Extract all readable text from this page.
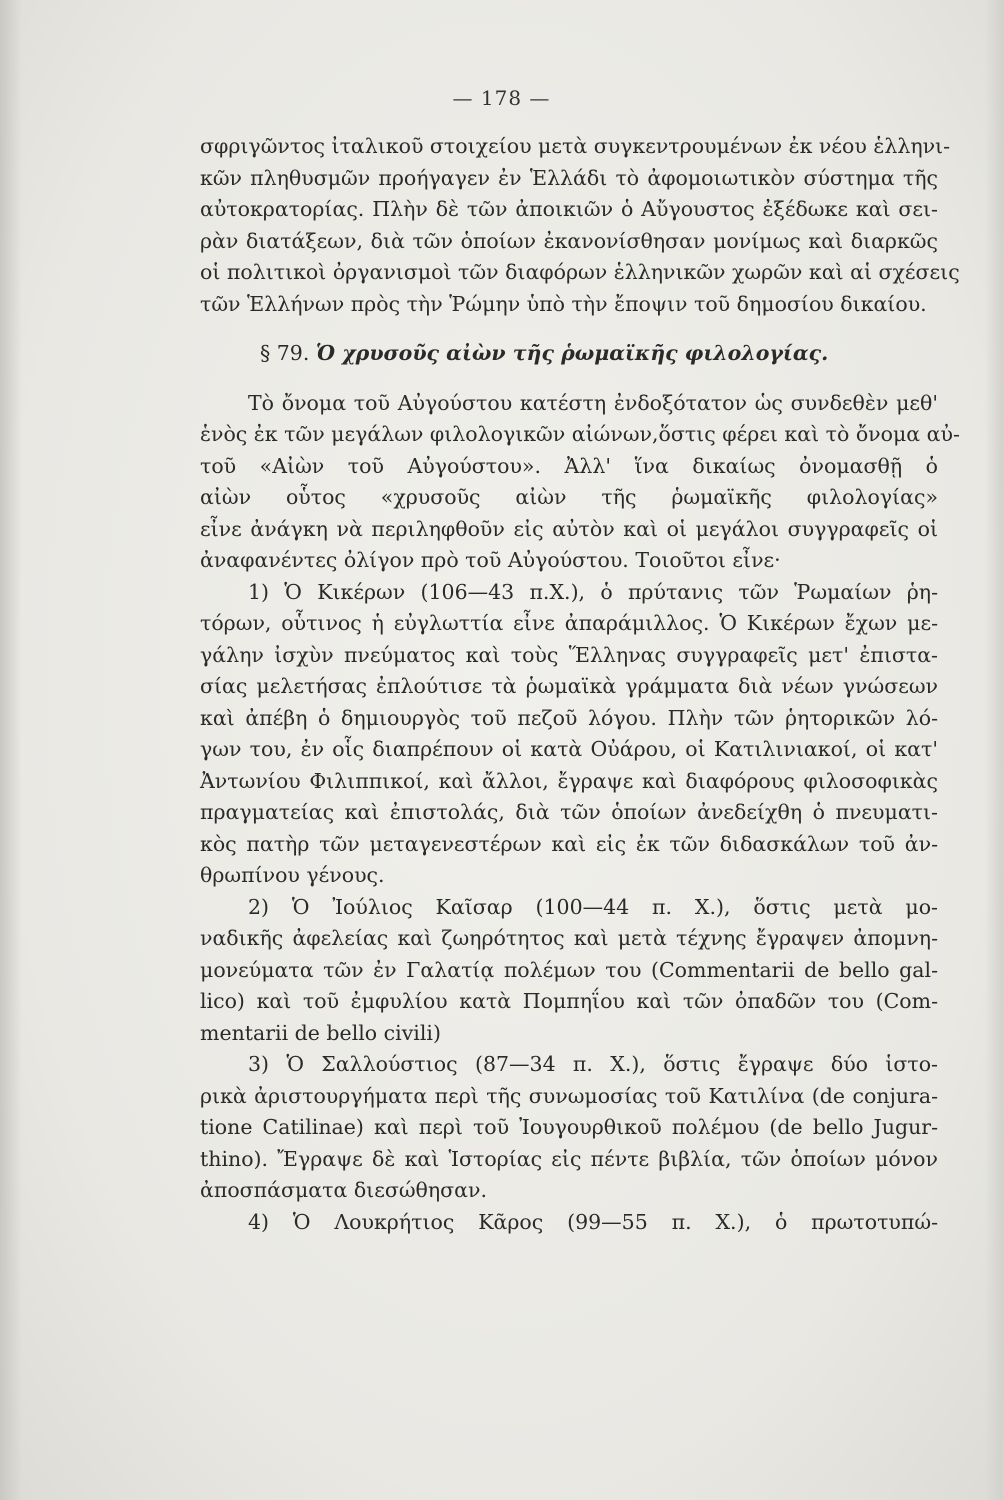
— 178 —
σφριγῶντος ἰταλικοῦ στοιχείου μετὰ συγκεντρουμένων ἐκ νέου ἑλληνι-
κῶν πληθυσμῶν προήγαγεν ἐν Ἑλλάδι τὸ ἀφομοιωτικὸν σύστημα τῆς
αὐτοκρατορίας. Πλὴν δὲ τῶν ἀποικιῶν ὁ Αὔγουστος ἐξέδωκε καὶ σει-
ρὰν διατάξεων, διὰ τῶν ὁποίων ἐκανονίσθησαν μονίμως καὶ διαρκῶς
οἱ πολιτικοὶ ὀργανισμοὶ τῶν διαφόρων ἑλληνικῶν χωρῶν καὶ αἱ σχέσεις
τῶν Ἑλλήνων πρὸς τὴν Ῥώμην ὑπὸ τὴν ἔποψιν τοῦ δημοσίου δικαίου.
§ 79. Ὁ χρυσοῦς αἰὼν τῆς ῥωμαϊκῆς φιλολογίας.
Τὸ ὄνομα τοῦ Αὐγούστου κατέστη ἐνδοξότατον ὡς συνδεθὲν μεθ'
ἑνὸς ἐκ τῶν μεγάλων φιλολογικῶν αἰώνων,ὅστις φέρει καὶ τὸ ὄνομα αὐ-
τοῦ «Αἰὼν τοῦ Αὐγούστου». Ἀλλ' ἵνα δικαίως ὀνομασθῇ ὁ
αἰὼν οὗτος «χρυσοῦς αἰὼν τῆς ῥωμαϊκῆς φιλολογίας»
εἶνε ἀνάγκη νὰ περιληφθοῦν εἰς αὐτὸν καὶ οἱ μεγάλοι συγγραφεῖς οἱ
ἀναφανέντες ὀλίγον πρὸ τοῦ Αὐγούστου. Τοιοῦτοι εἶνε·
1) Ὁ Κικέρων (106—43 π.Χ.), ὁ πρύτανις τῶν Ῥωμαίων ῥη-
τόρων, οὗτινος ἡ εὐγλωττία εἶνε ἀπαράμιλλος. Ὁ Κικέρων ἔχων με-
γάλην ἰσχὺν πνεύματος καὶ τοὺς Ἕλληνας συγγραφεῖς μετ' ἐπιστα-
σίας μελετήσας ἐπλούτισε τὰ ῥωμαϊκὰ γράμματα διὰ νέων γνώσεων
καὶ ἀπέβη ὁ δημιουργὸς τοῦ πεζοῦ λόγου. Πλὴν τῶν ῥητορικῶν λό-
γων του, ἐν οἷς διαπρέπουν οἱ κατὰ Οὐάρου, οἱ Κατιλινιακοί, οἱ κατ'
Ἀντωνίου Φιλιππικοί, καὶ ἄλλοι, ἔγραψε καὶ διαφόρους φιλοσοφικὰς
πραγματείας καὶ ἐπιστολάς, διὰ τῶν ὁποίων ἀνεδείχθη ὁ πνευματι-
κὸς πατὴρ τῶν μεταγενεστέρων καὶ εἰς ἐκ τῶν διδασκάλων τοῦ ἀν-
θρωπίνου γένους.
2) Ὁ Ἰούλιος Καῖσαρ (100—44 π. Χ.), ὅστις μετὰ μο-
ναδικῆς ἀφελείας καὶ ζωηρότητος καὶ μετὰ τέχνης ἔγραψεν ἀπομνη-
μονεύματα τῶν ἐν Γαλατίᾳ πολέμων του (Commentarii de bello gal-
lico) καὶ τοῦ ἐμφυλίου κατὰ Πομπηΐου καὶ τῶν ὀπαδῶν του (Com-
mentarii de bello civili)
3) Ὁ Σαλλούστιος (87—34 π. Χ.), ὅστις ἔγραψε δύο ἱστο-
ρικὰ ἀριστουργήματα περὶ τῆς συνωμοσίας τοῦ Κατιλίνα (de conjura-
tione Catilinae) καὶ περὶ τοῦ Ἰουγουρθικοῦ πολέμου (de bello Jugur-
thino). Ἔγραψε δὲ καὶ Ἱστορίας εἰς πέντε βιβλία, τῶν ὁποίων μόνον
ἀποσπάσματα διεσώθησαν.
4) Ὁ Λουκρήτιος Κᾶρος (99—55 π. Χ.), ὁ πρωτοτυπώ-
